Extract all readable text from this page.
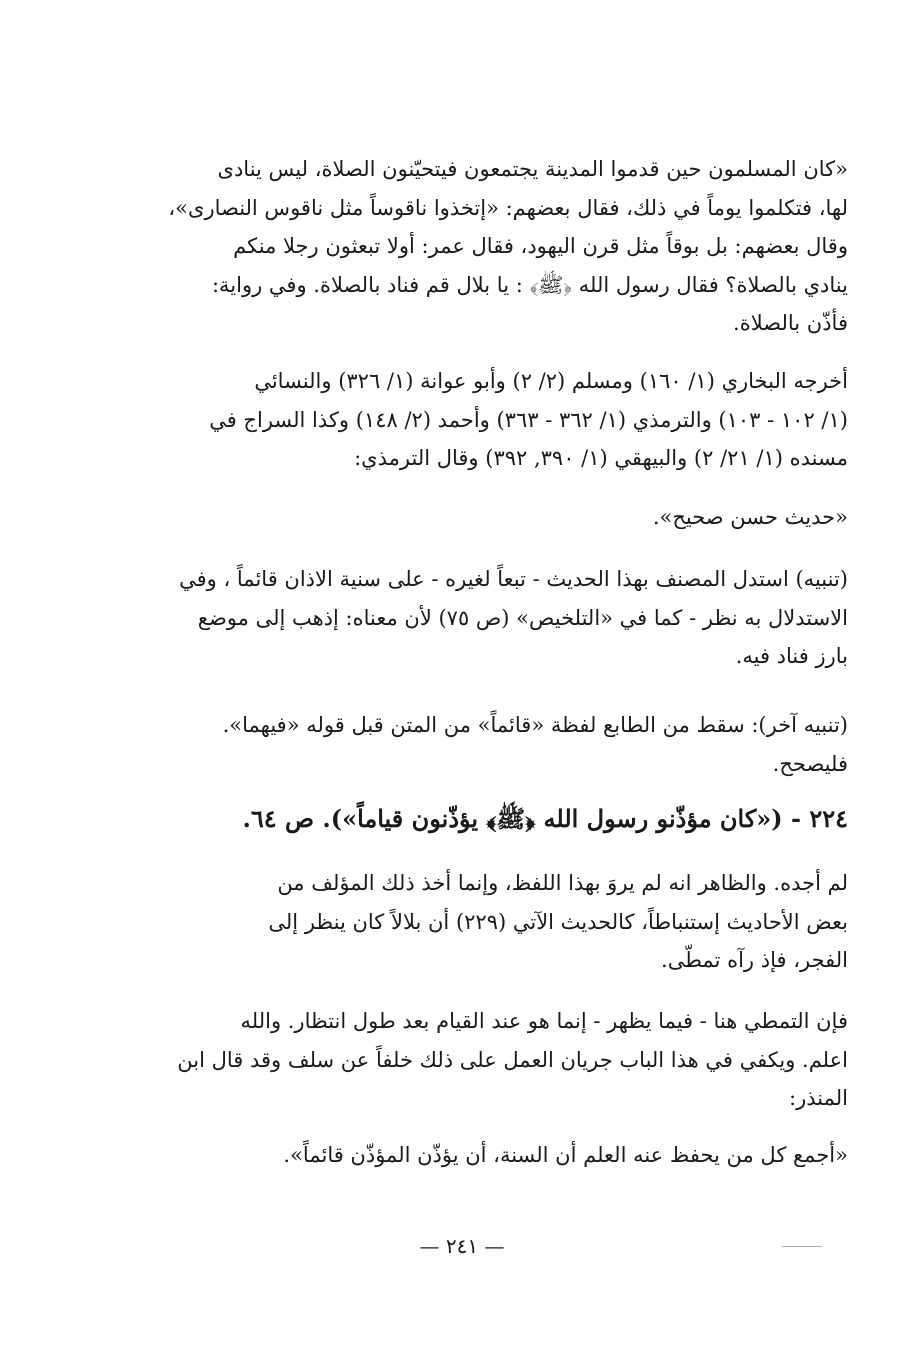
«كان المسلمون حين قدموا المدينة يجتمعون فيتحيّنون الصلاة، ليس ينادى
لها، فتكلموا يوماً في ذلك، فقال بعضهم: «إتخذوا ناقوساً مثل ناقوس النصارى»،
وقال بعضهم: بل بوقاً مثل قرن اليهود، فقال عمر: أولا تبعثون رجلا منكم
ينادي بالصلاة؟ فقال رسول الله ﴿ﷺ﴾ : يا بلال قم فناد بالصلاة. وفي رواية:
فأذّن بالصلاة.
أخرجه البخاري (١/ ١٦٠) ومسلم (٢/ ٢) وأبو عوانة (١/ ٣٢٦) والنسائي
(١/ ١٠٢ - ١٠٣) والترمذي (١/ ٣٦٢ - ٣٦٣) وأحمد (٢/ ١٤٨) وكذا السراج في
مسنده (١/ ٢١/ ٢) والبيهقي (١/ ٣٩٠, ٣٩٢) وقال الترمذي:
«حديث حسن صحيح».
(تنبيه) استدل المصنف بهذا الحديث - تبعاً لغيره - على سنية الاذان قائماً ، وفي
الاستدلال به نظر - كما في «التلخيص» (ص ٧٥) لأن معناه: إذهب إلى موضع
بارز فناد فيه.
(تنبيه آخر): سقط من الطابع لفظة «قائماً» من المتن قبل قوله «فيهما».
فليصحح.
٢٢٤ - («كان مؤذّنو رسول الله ﴿ﷺ﴾ يؤذّنون قياماً»). ص ٦٤.
لم أجده. والظاهر انه لم يروَ بهذا اللفظ، وإنما أخذ ذلك المؤلف من
بعض الأحاديث إستنباطاً، كالحديث الآتي (٢٢٩) أن بلالاً كان ينظر إلى
الفجر، فإذ رآه تمطّى.
فإن التمطي هنا - فيما يظهر - إنما هو عند القيام بعد طول انتظار. والله
اعلم. ويكفي في هذا الباب جريان العمل على ذلك خلفاً عن سلف وقد قال ابن
المنذر:
«أجمع كل من يحفظ عنه العلم أن السنة، أن يؤذّن المؤذّن قائماً».
— ٢٤١ —
